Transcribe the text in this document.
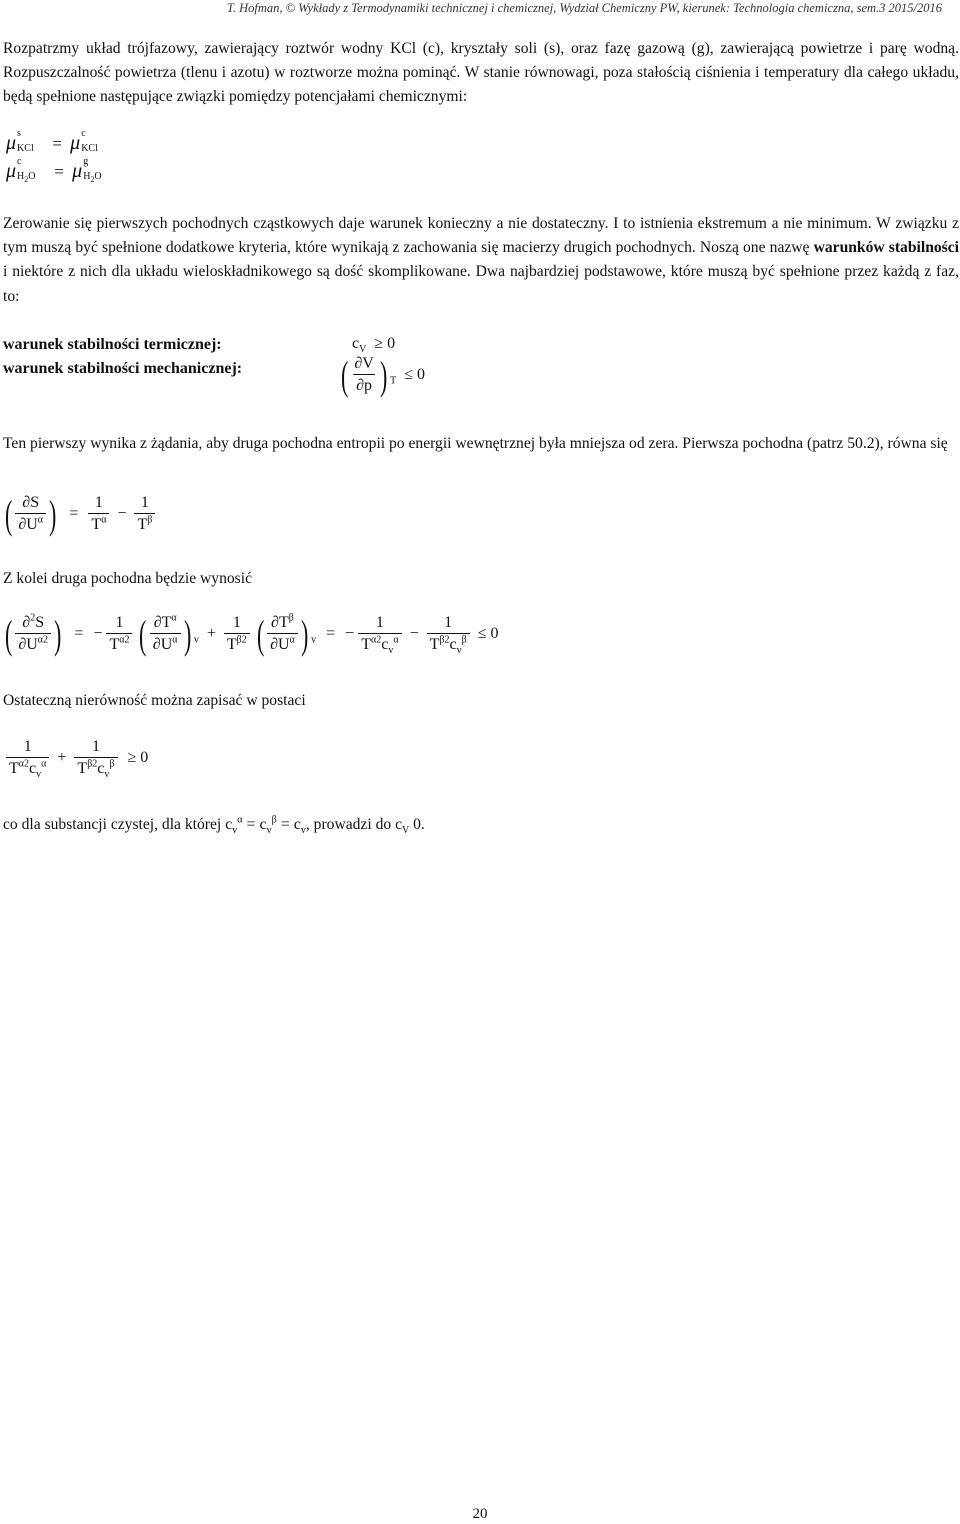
T. Hofman, © Wykłady z Termodynamiki technicznej i chemicznej, Wydział Chemiczny PW, kierunek: Technologia chemiczna, sem.3 2015/2016

Rozpatrzmy układ trójfazowy, zawierający roztwór wodny KCl (c), kryształy soli (s), oraz fazę gazową (g), zawierającą powietrze i parę wodną. Rozpuszczalność powietrza (tlenu i azotu) w roztworze można pominąć. W stanie równowagi, poza stałością ciśnienia i temperatury dla całego układu, będą spełnione następujące związki pomiędzy potencjałami chemicznymi:

μ s
KCl = μ c
KCl
μ c
$H_2O = \mu$ g
$H_2O$

Zerowanie się pierwszych pochodnych cząstkowych daje warunek konieczny a nie dostateczny. I to istnienia ekstremum a nie minimum. W związku z tym muszą być spełnione dodatkowe kryteria, które wynikają z zachowania się macierzy drugich pochodnych. Noszą one nazwę warunków stabilności i niektóre z nich dla układu wieloskładnikowego są dość skomplikowane. Dwa najbardziej podstawowe, które muszą być spełnione przez każdą z faz, to:

warunek stabilności termicznej:	$c_V \ge 0$
warunek stabilności mechanicznej: ( $\frac{\partial V}{\partial p}$ ) $_T$  ≤ 0

Ten pierwszy wynika z żądania, aby druga pochodna entropii po energii wewnętrznej była mniejsza od zera. Pierwsza pochodna (patrz 50.2), równa się

( $\frac{\partial S}{\partial U^\alpha}$ ) = $\frac{1}{T^\alpha} - \frac{1}{T^\beta}$
Z kolei druga pochodna będzie wynosić
( $\frac{\partial^2S}{\partial U^{\alpha 2}}$ ) = − $\frac{1}{T^{\alpha 2}}$ ( $\frac{\partial T^\alpha}{\partial U^\alpha}$ ) $_v + \frac{1}{T^{\beta 2}}$ ( $\frac{\partial T^\beta}{\partial U^\alpha}$ ) $_v$ = − $\frac{1}{T^{\alpha 2}c_v^\alpha} - \frac{1}{T^{\beta 2}c_v^\beta} \le 0$
Ostateczną nierówność można zapisać w postaci
$\frac{1}{T^{\alpha 2}c_v^\alpha} + \frac{1}{T^{\beta 2}c_v^\beta} \ge 0$
co dla substancji czystej, dla której $c_v^\alpha = c_v^\beta = c_v$, prowadzi do $c_V$ 0.
20
